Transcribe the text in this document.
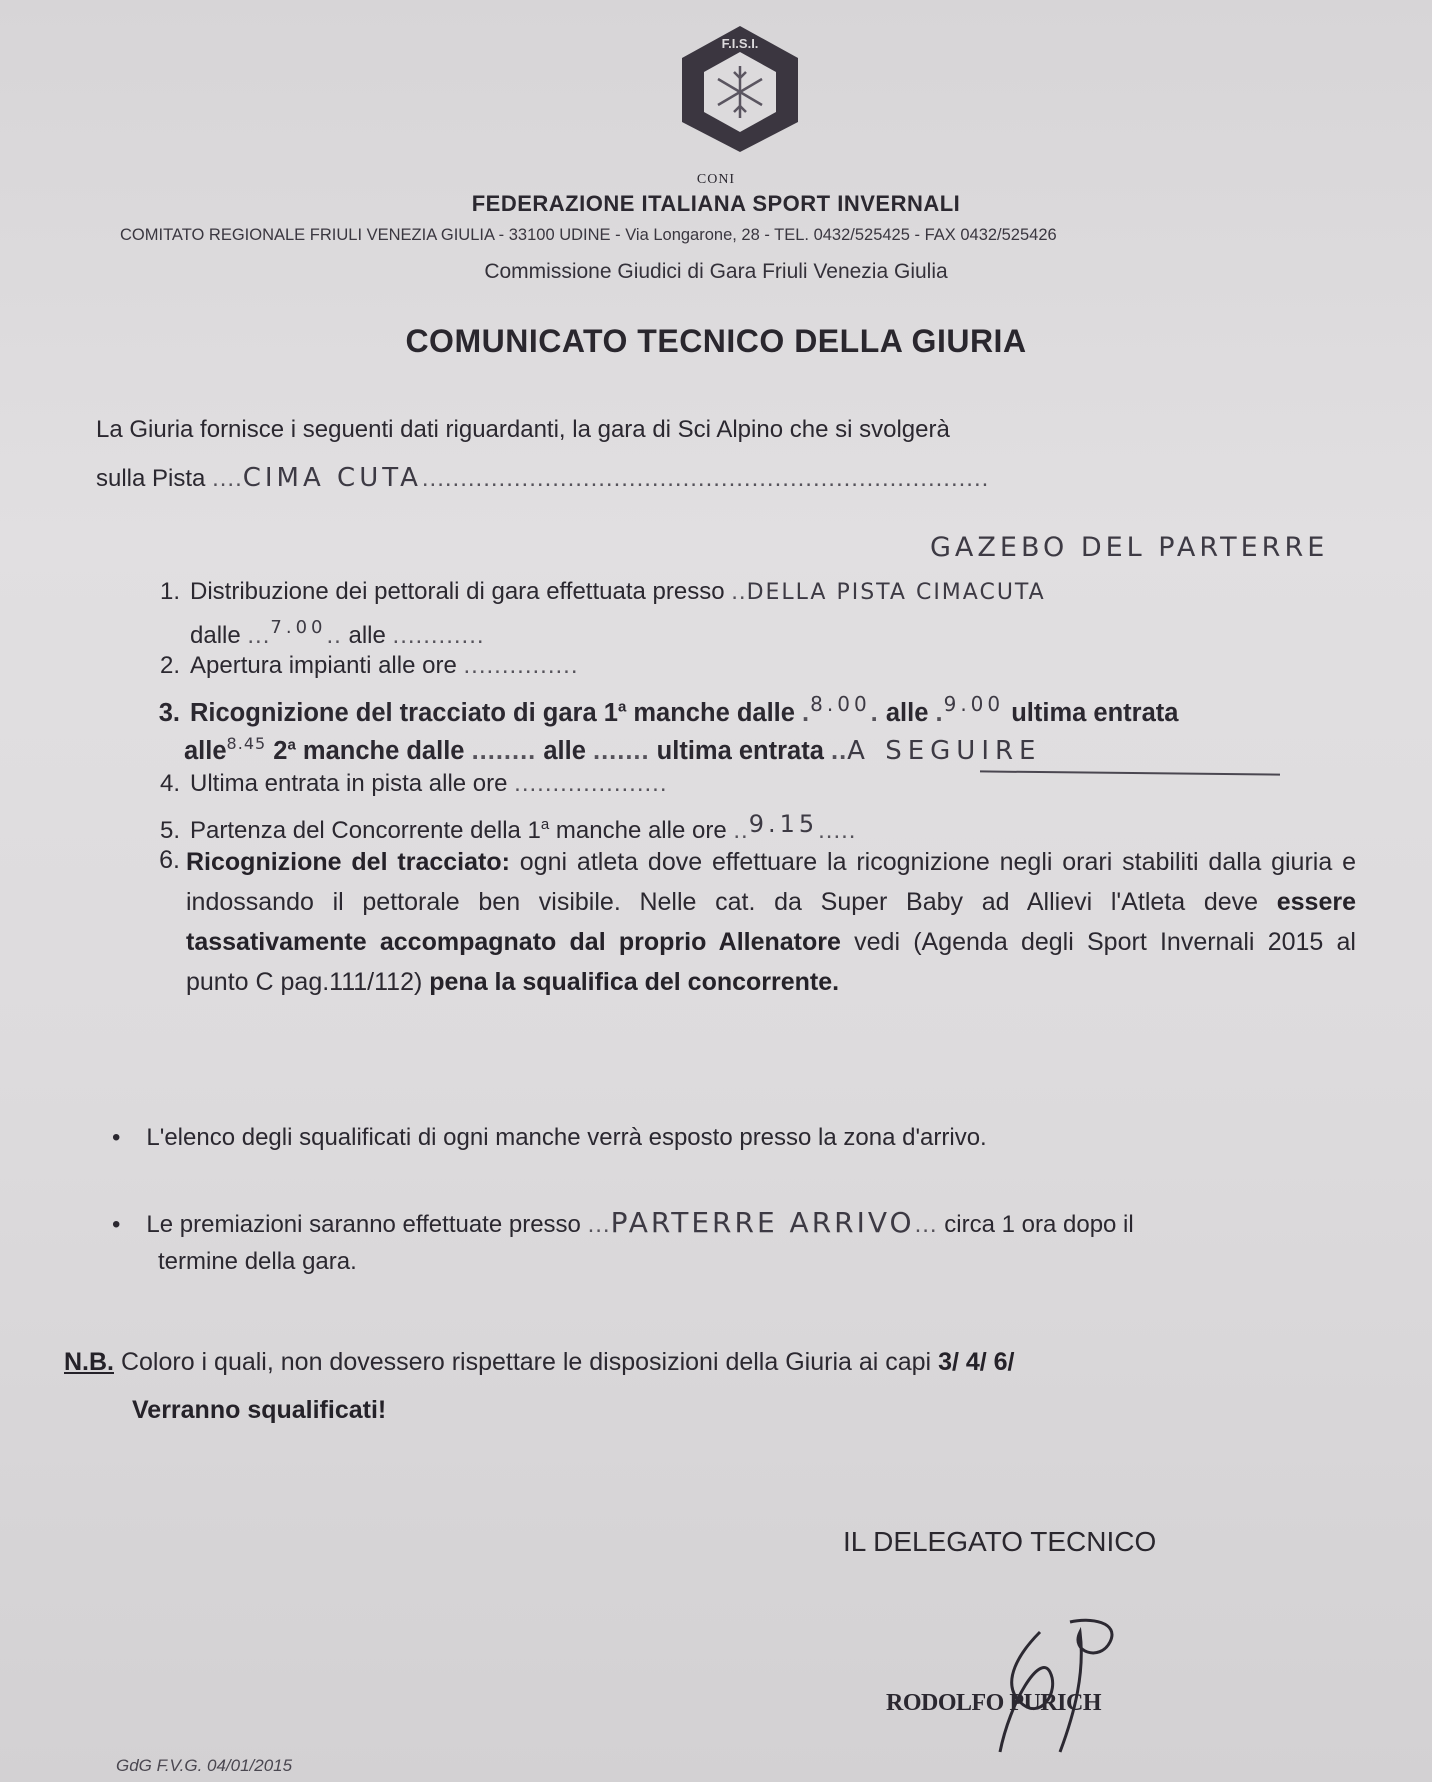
F.I.S.I.
CONI
FEDERAZIONE ITALIANA SPORT INVERNALI
COMITATO REGIONALE FRIULI VENEZIA GIULIA - 33100 UDINE - Via Longarone, 28 - TEL. 0432/525425 - FAX 0432/525426
Commissione Giudici di Gara Friuli Venezia Giulia
COMUNICATO TECNICO DELLA GIURIA
La Giuria fornisce i seguenti dati riguardanti, la gara di Sci Alpino che si svolgerà
sulla Pista ....CIMA CUTA..........................................................................
GAZEBO DEL PARTERRE
1. Distribuzione dei pettorali di gara effettuata presso ..DELLA PISTA CIMACUTA
dalle ...$^{7.00}$.. alle ............
2. Apertura impianti alle ore ...............
3. Ricognizione del tracciato di gara 1$^a$ manche dalle .$^{8.00}$. alle .$^{9.00}$ ultima entrata
alle$^{8.45}$ 2$^a$ manche dalle ........ alle ....... ultima entrata ..A SEGUIRE
4. Ultima entrata in pista alle ore ....................
5. Partenza del Concorrente della 1$^a$ manche alle ore ..9.15.....
6. Ricognizione del tracciato: ogni atleta dove effettuare la ricognizione negli orari stabiliti dalla giuria e indossando il pettorale ben visibile. Nelle cat. da Super Baby ad Allievi l'Atleta deve essere tassativamente accompagnato dal proprio Allenatore vedi (Agenda degli Sport Invernali 2015 al punto C pag.111/112) pena la squalifica del concorrente.
• L'elenco degli squalificati di ogni manche verrà esposto presso la zona d'arrivo.
• Le premiazioni saranno effettuate presso ...PARTERRE ARRIVO... circa 1 ora dopo il
termine della gara.
N.B. Coloro i quali, non dovessero rispettare le disposizioni della Giuria ai capi 3/ 4/ 6/
Verranno squalificati!
IL DELEGATO TECNICO
RODOLFO PURICH
GdG F.V.G. 04/01/2015
